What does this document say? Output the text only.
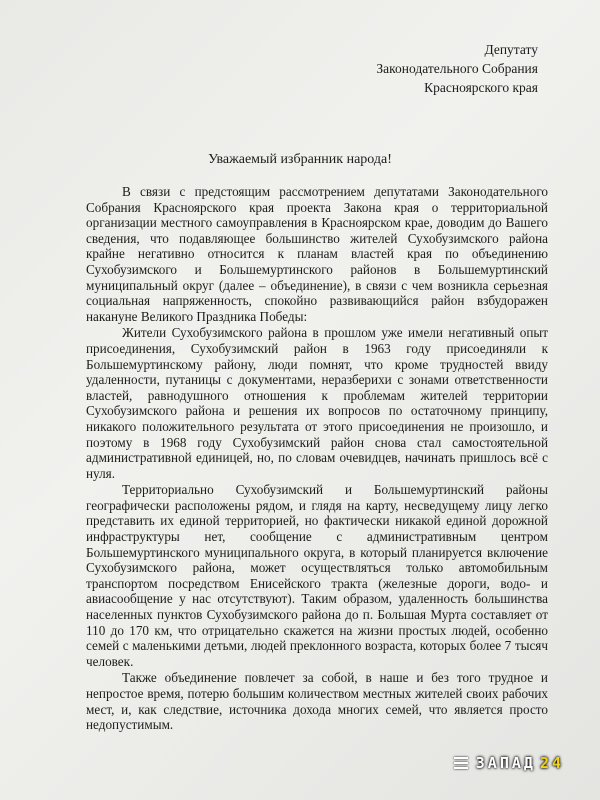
Депутату
Законодательного Собрания
Красноярского края
Уважаемый избранник народа!

В связи с предстоящим рассмотрением депутатами Законодательного Собрания Красноярского края проекта Закона края о территориальной организации местного самоуправления в Красноярском крае, доводим до Вашего сведения, что подавляющее большинство жителей Сухобузимского района крайне негативно относится к планам властей края по объединению Сухобузимского и Большемуртинского районов в Большемуртинский муниципальный округ (далее – объединение), в связи с чем возникла серьезная социальная напряженность, спокойно развивающийся район взбудоражен накануне Великого Праздника Победы:

Жители Сухобузимского района в прошлом уже имели негативный опыт присоединения, Сухобузимский район в 1963 году присоединяли к Большемуртинскому району, люди помнят, что кроме трудностей ввиду удаленности, путаницы с документами, неразберихи с зонами ответственности властей, равнодушного отношения к проблемам жителей территории Сухобузимского района и решения их вопросов по остаточному принципу, никакого положительного результата от этого присоединения не произошло, и поэтому в 1968 году Сухобузимский район снова стал самостоятельной административной единицей, но, по словам очевидцев, начинать пришлось всё с нуля.

Территориально Сухобузимский и Большемуртинский районы географически расположены рядом, и глядя на карту, несведущему лицу легко представить их единой территорией, но фактически никакой единой дорожной инфраструктуры нет, сообщение с административным центром Большемуртинского муниципального округа, в который планируется включение Сухобузимского района, может осуществляться только автомобильным транспортом посредством Енисейского тракта (железные дороги, водо- и авиасообщение у нас отсутствуют). Таким образом, удаленность большинства населенных пунктов Сухобузимского района до п. Большая Мурта составляет от 110 до 170 км, что отрицательно скажется на жизни простых людей, особенно семей с маленькими детьми, людей преклонного возраста, которых более 7 тысяч человек.

Также объединение повлечет за собой, в наше и без того трудное и непростое время, потерю большим количеством местных жителей своих рабочих мест, и, как следствие, источника дохода многих семей, что является просто недопустимым.

ЗАПАД 24
